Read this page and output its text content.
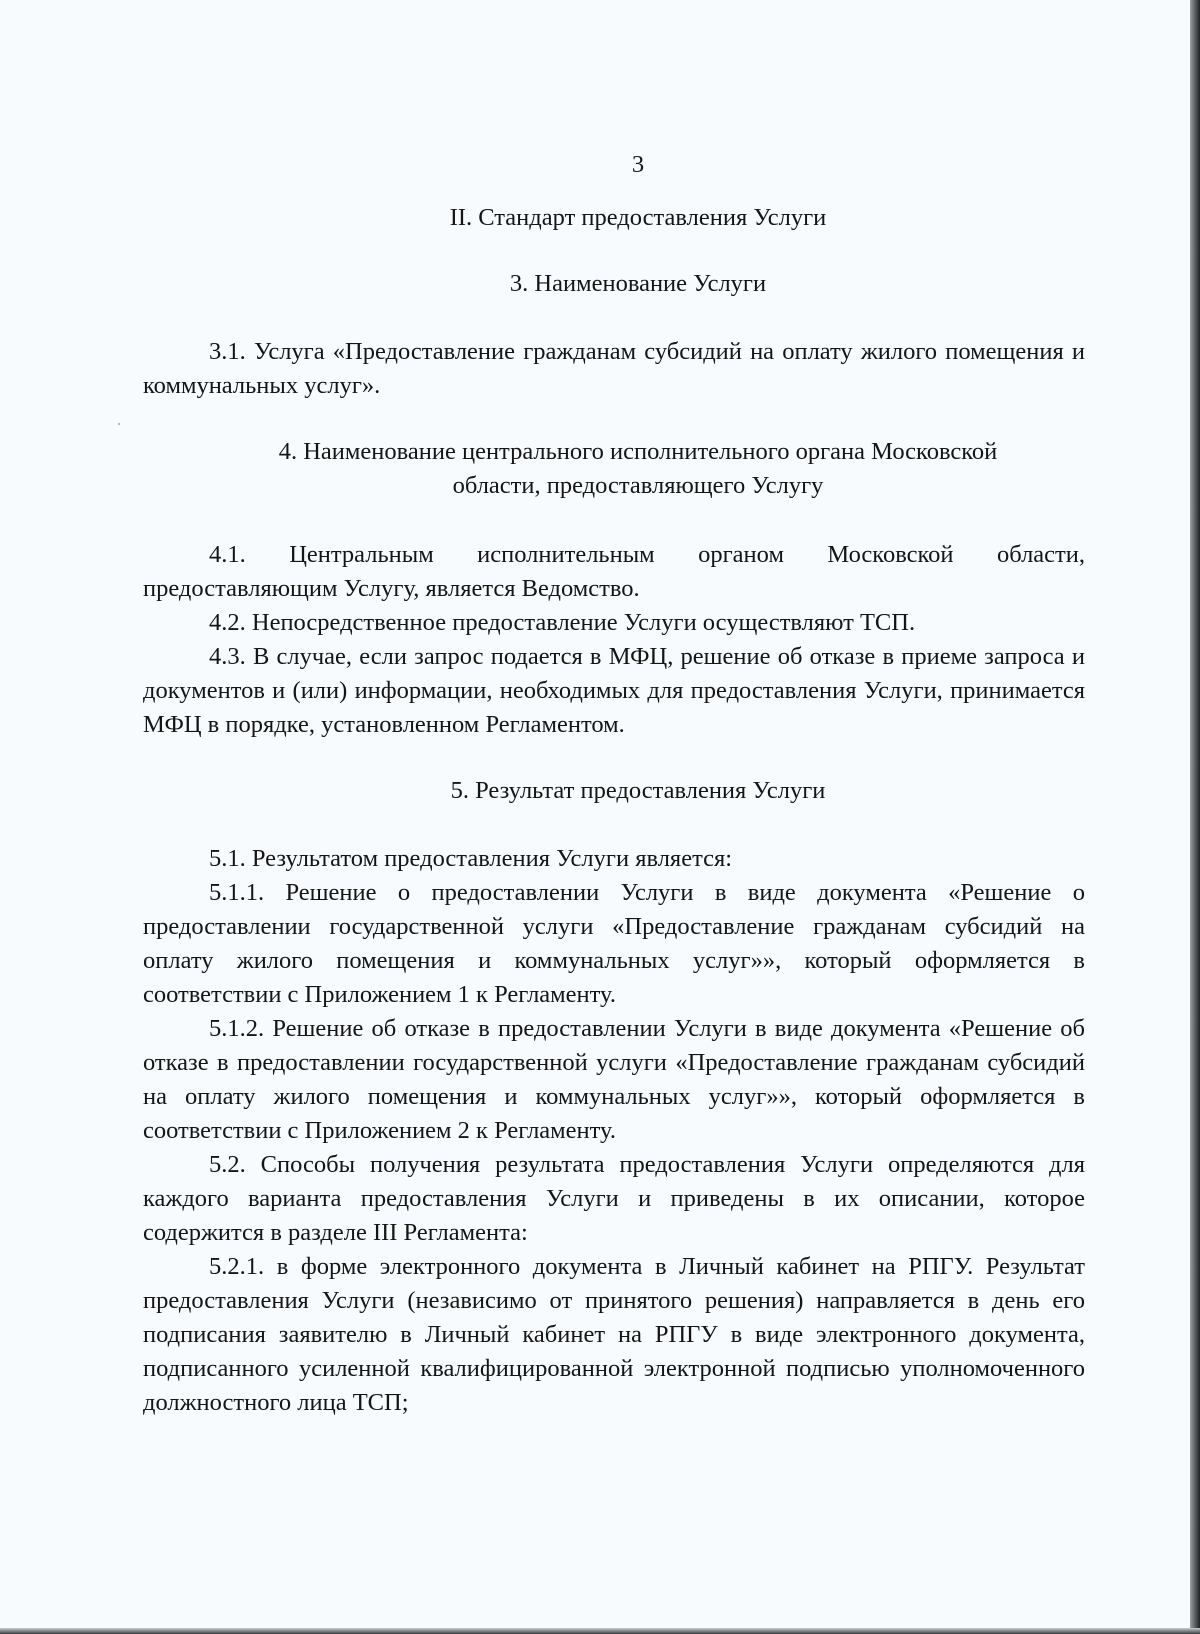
3

II. Стандарт предоставления Услуги

3. Наименование Услуги

3.1. Услуга «Предоставление гражданам субсидий на оплату жилого помещения и коммунальных услуг».

4. Наименование центрального исполнительного органа Московской

области, предоставляющего Услугу

4.1. Центральным исполнительным органом Московской области, предоставляющим Услугу, является Ведомство.

4.2. Непосредственное предоставление Услуги осуществляют ТСП.

4.3. В случае, если запрос подается в МФЦ, решение об отказе в приеме запроса и документов и (или) информации, необходимых для предоставления Услуги, принимается МФЦ в порядке, установленном Регламентом.

5. Результат предоставления Услуги

5.1. Результатом предоставления Услуги является:

5.1.1. Решение о предоставлении Услуги в виде документа «Решение о предоставлении государственной услуги «Предоставление гражданам субсидий на оплату жилого помещения и коммунальных услуг»», который оформляется в соответствии с Приложением 1 к Регламенту.

5.1.2. Решение об отказе в предоставлении Услуги в виде документа «Решение об отказе в предоставлении государственной услуги «Предоставление гражданам субсидий на оплату жилого помещения и коммунальных услуг»», который оформляется в соответствии с Приложением 2 к Регламенту.

5.2. Способы получения результата предоставления Услуги определяются для каждого варианта предоставления Услуги и приведены в их описании, которое содержится в разделе III Регламента:

5.2.1. в форме электронного документа в Личный кабинет на РПГУ. Результат предоставления Услуги (независимо от принятого решения) направляется в день его подписания заявителю в Личный кабинет на РПГУ в виде электронного документа, подписанного усиленной квалифицированной электронной подписью уполномоченного должностного лица ТСП;
